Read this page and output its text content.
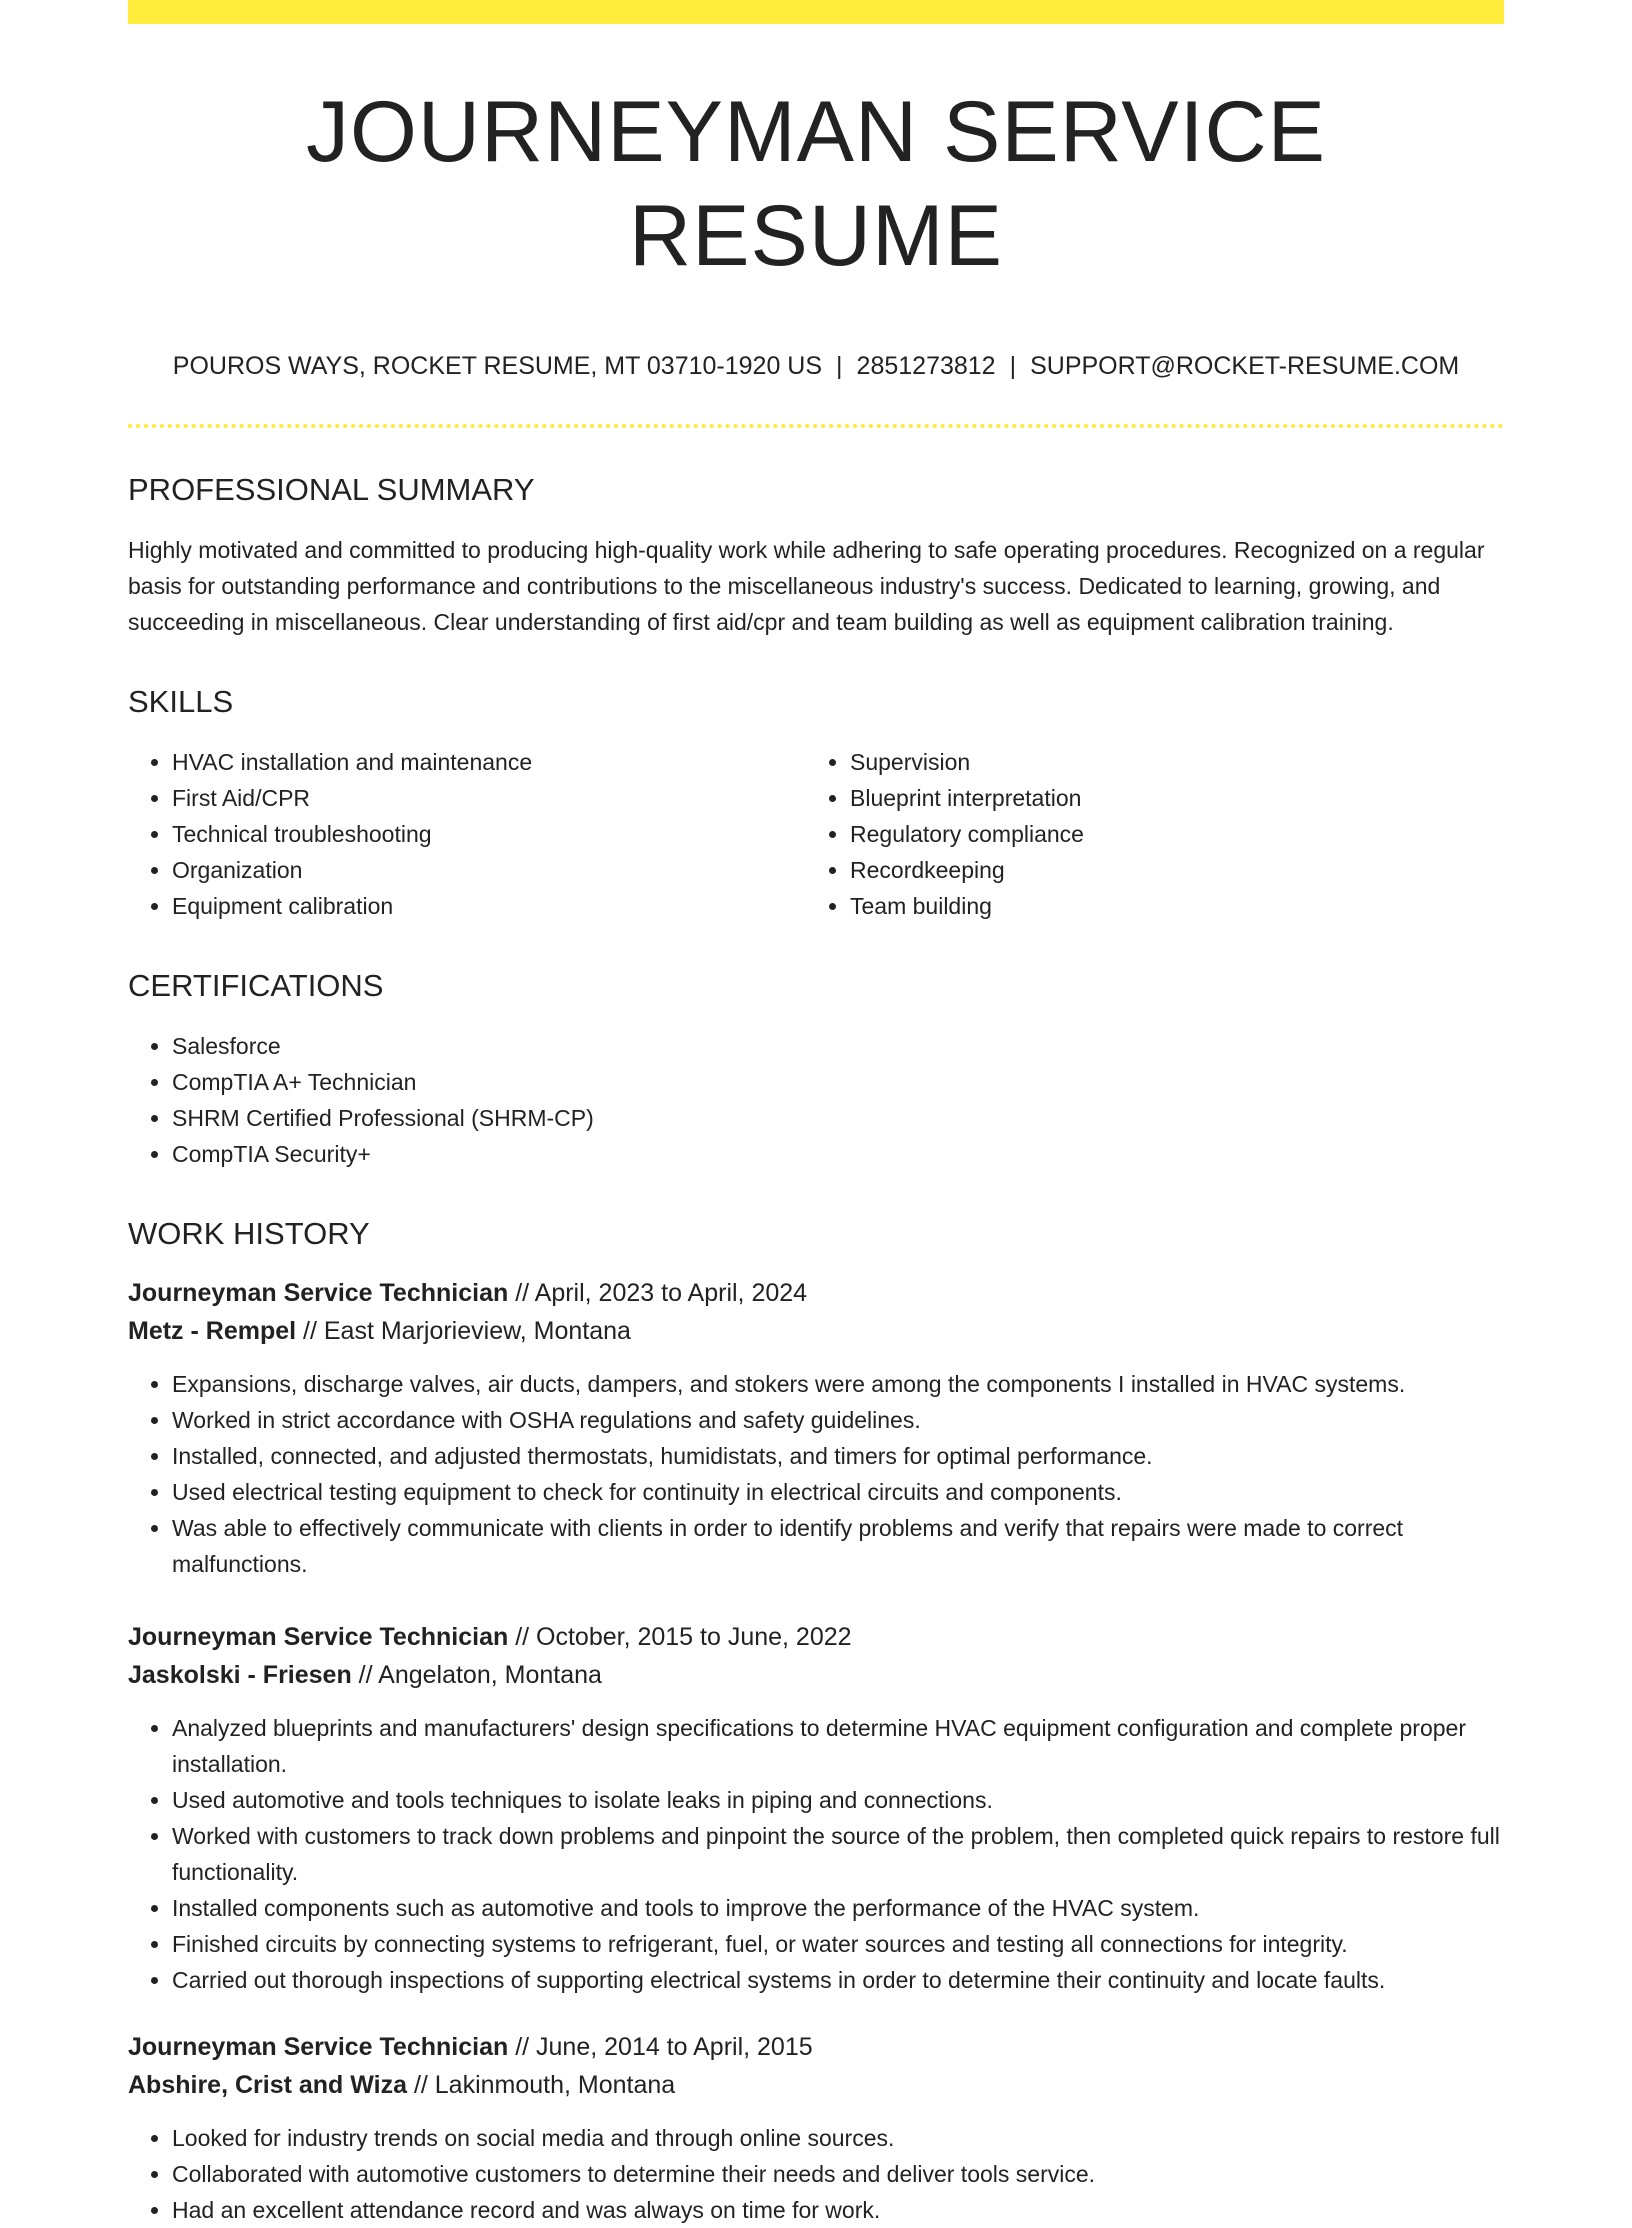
JOURNEYMAN SERVICE RESUME
POUROS WAYS, ROCKET RESUME, MT 03710-1920 US | 2851273812 | SUPPORT@ROCKET-RESUME.COM
PROFESSIONAL SUMMARY

Highly motivated and committed to producing high-quality work while adhering to safe operating procedures. Recognized on a regular basis for outstanding performance and contributions to the miscellaneous industry's success. Dedicated to learning, growing, and succeeding in miscellaneous. Clear understanding of first aid/cpr and team building as well as equipment calibration training.

SKILLS
• HVAC installation and maintenance
• First Aid/CPR
• Technical troubleshooting
• Organization
• Equipment calibration
• Supervision
• Blueprint interpretation
• Regulatory compliance
• Recordkeeping
• Team building
CERTIFICATIONS
• Salesforce
• CompTIA A+ Technician
• SHRM Certified Professional (SHRM-CP)
• CompTIA Security+
WORK HISTORY
Journeyman Service Technician // April, 2023 to April, 2024
Metz - Rempel // East Marjorieview, Montana
• Expansions, discharge valves, air ducts, dampers, and stokers were among the components I installed in HVAC systems.
• Worked in strict accordance with OSHA regulations and safety guidelines.
• Installed, connected, and adjusted thermostats, humidistats, and timers for optimal performance.
• Used electrical testing equipment to check for continuity in electrical circuits and components.
• Was able to effectively communicate with clients in order to identify problems and verify that repairs were made to correct malfunctions.
Journeyman Service Technician // October, 2015 to June, 2022
Jaskolski - Friesen // Angelaton, Montana
• Analyzed blueprints and manufacturers' design specifications to determine HVAC equipment configuration and complete proper installation.
• Used automotive and tools techniques to isolate leaks in piping and connections.
• Worked with customers to track down problems and pinpoint the source of the problem, then completed quick repairs to restore full functionality.
• Installed components such as automotive and tools to improve the performance of the HVAC system.
• Finished circuits by connecting systems to refrigerant, fuel, or water sources and testing all connections for integrity.
• Carried out thorough inspections of supporting electrical systems in order to determine their continuity and locate faults.
Journeyman Service Technician // June, 2014 to April, 2015
Abshire, Crist and Wiza // Lakinmouth, Montana
• Looked for industry trends on social media and through online sources.
• Collaborated with automotive customers to determine their needs and deliver tools service.
• Had an excellent attendance record and was always on time for work.
